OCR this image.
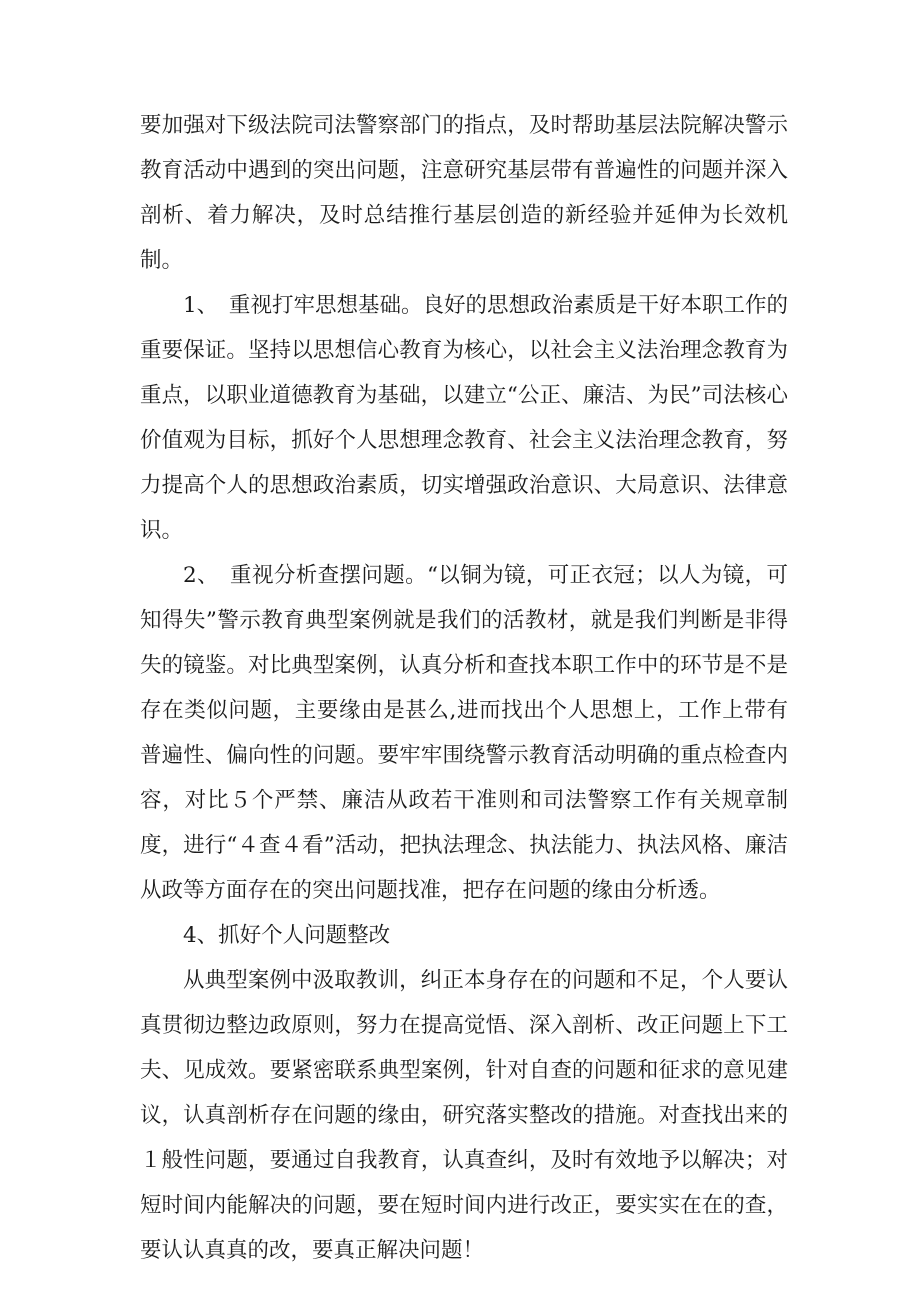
要加强对下级法院司法警察部门的指点，及时帮助基层法院解决警示教育活动中遇到的突出问题，注意研究基层带有普遍性的问题并深入剖析、着力解决，及时总结推行基层创造的新经验并延伸为长效机制。

1、　重视打牢思想基础。良好的思想政治素质是干好本职工作的重要保证。坚持以思想信心教育为核心，以社会主义法治理念教育为重点，以职业道德教育为基础，以建立“公正、廉洁、为民”司法核心价值观为目标，抓好个人思想理念教育、社会主义法治理念教育，努力提高个人的思想政治素质，切实增强政治意识、大局意识、法律意识。

2、　重视分析查摆问题。“以铜为镜，可正衣冠；以人为镜，可知得失”警示教育典型案例就是我们的活教材，就是我们判断是非得失的镜鉴。对比典型案例，认真分析和查找本职工作中的环节是不是存在类似问题，主要缘由是甚么,进而找出个人思想上，工作上带有普遍性、偏向性的问题。要牢牢围绕警示教育活动明确的重点检查内容，对比５个严禁、廉洁从政若干准则和司法警察工作有关规章制度，进行“４查４看”活动，把执法理念、执法能力、执法风格、廉洁从政等方面存在的突出问题找准，把存在问题的缘由分析透。

4、抓好个人问题整改

从典型案例中汲取教训，纠正本身存在的问题和不足，个人要认真贯彻边整边政原则，努力在提高觉悟、深入剖析、改正问题上下工夫、见成效。要紧密联系典型案例，针对自查的问题和征求的意见建议，认真剖析存在问题的缘由，研究落实整改的措施。对查找出来的１般性问题，要通过自我教育，认真查纠，及时有效地予以解决；对短时间内能解决的问题，要在短时间内进行改正，要实实在在的查，要认认真真的改，要真正解决问题！
